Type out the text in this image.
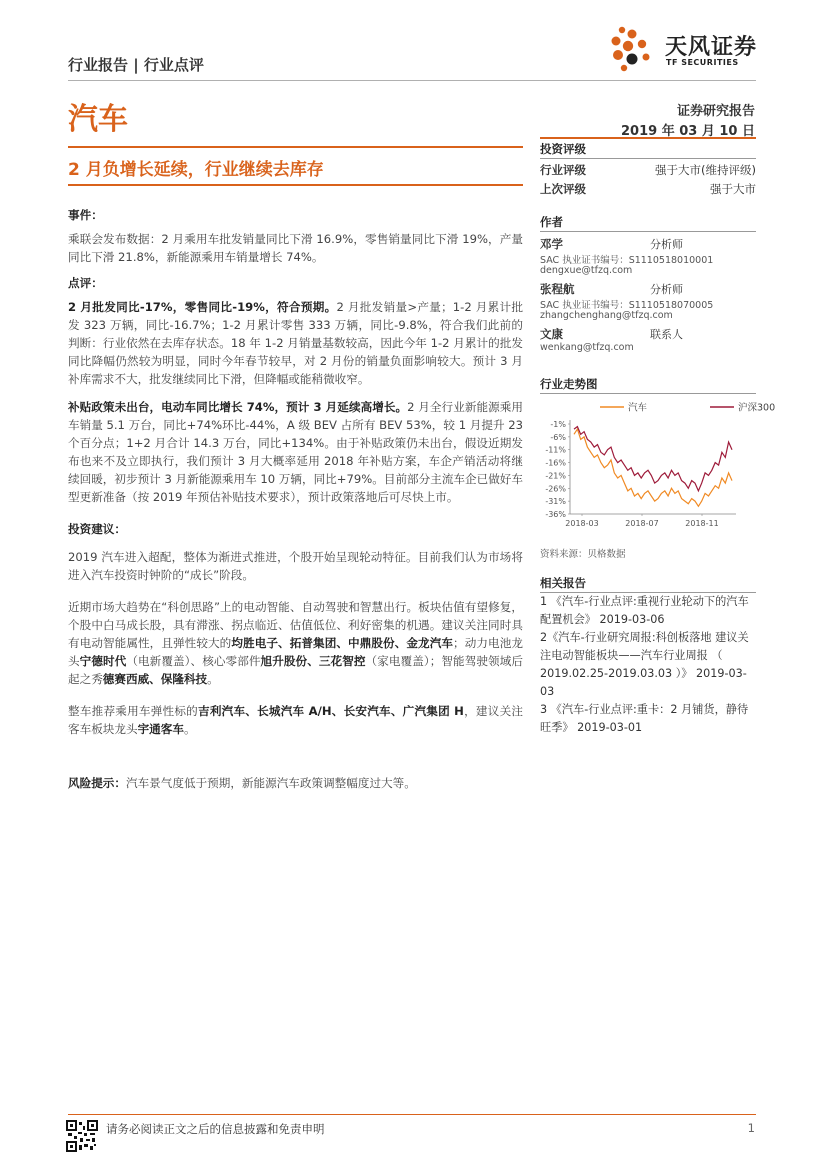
行业报告 | 行业点评
天风证券
TF SECURITIES
汽车	证券研究报告
2019 年 03 月 10 日
2 月负增长延续，行业继续去库存

事件：

乘联会发布数据：2 月乘用车批发销量同比下滑 16.9%，零售销量同比下滑 19%，产量同比下滑 21.8%，新能源乘用车销量增长 74%。

点评：

2 月批发同比-17%，零售同比-19%，符合预期。2 月批发销量>产量；1-2 月累计批发 323 万辆，同比-16.7%；1-2 月累计零售 333 万辆，同比-9.8%，符合我们此前的判断：行业依然在去库存状态。18 年 1-2 月销量基数较高，因此今年 1-2 月累计的批发同比降幅仍然较为明显，同时今年春节较早，对 2 月份的销量负面影响较大。预计 3 月补库需求不大，批发继续同比下滑，但降幅或能稍微收窄。

补贴政策未出台，电动车同比增长 74%，预计 3 月延续高增长。2 月全行业新能源乘用车销量 5.1 万台，同比+74%环比-44%，A 级 BEV 占所有 BEV 53%，较 1 月提升 23 个百分点；1+2 月合计 14.3 万台，同比+134%。由于补贴政策仍未出台，假设近期发布也来不及立即执行，我们预计 3 月大概率延用 2018 年补贴方案，车企产销活动将继续回暖，初步预计 3 月新能源乘用车 10 万辆，同比+79%。目前部分主流车企已做好车型更新准备（按 2019 年预估补贴技术要求），预计政策落地后可尽快上市。

投资建议：

2019 汽车进入超配，整体为渐进式推进，个股开始呈现轮动特征。目前我们认为市场将进入汽车投资时钟阶的“成长”阶段。

近期市场大趋势在“科创思路”上的电动智能、自动驾驶和智慧出行。板块估值有望修复，个股中白马成长股，具有滞涨、拐点临近、估值低位、利好密集的机遇。建议关注同时具有电动智能属性，且弹性较大的均胜电子、拓普集团、中鼎股份、金龙汽车；动力电池龙头宁德时代（电新覆盖）、核心零部件旭升股份、三花智控（家电覆盖）；智能驾驶领域后起之秀德赛西威、保隆科技。

整车推荐乘用车弹性标的吉利汽车、长城汽车 A/H、长安汽车、广汽集团 H，建议关注客车板块龙头宇通客车。

风险提示：汽车景气度低于预期，新能源汽车政策调整幅度过大等。

投资评级
行业评级	强于大市(维持评级)
上次评级	强于大市
作者
邓学	分析师
SAC 执业证书编号：S1110518010001
dengxue@tfzq.com
张程航	分析师
SAC 执业证书编号：S1110518070005
zhangchenghang@tfzq.com
文康	联系人
wenkang@tfzq.com
行业走势图
汽车	沪深300
-1%
-6%
-11%
-16%
-21%
-26%
-31%
-36%
2018-03	2018-07	2018-11
资料来源：贝格数据
相关报告
1 《汽车-行业点评:重视行业轮动下的汽车配置机会》 2019-03-06
2《汽车-行业研究周报:科创板落地 建议关注电动智能板块——汽车行业周报 （ 2019.02.25-2019.03.03 ）》 2019-03-03
3 《汽车-行业点评:重卡：2 月铺货，静待旺季》 2019-03-01
请务必阅读正文之后的信息披露和免责申明	1
